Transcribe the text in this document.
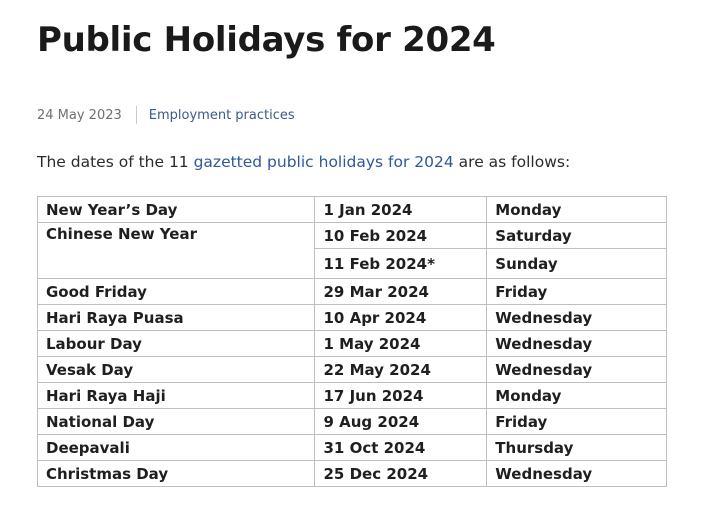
Public Holidays for 2024
24 May 2023 Employment practices

The dates of the 11 gazetted public holidays for 2024 are as follows:

New Year’s Day	1 Jan 2024	Monday
Chinese New Year	10 Feb 2024	Saturday
	11 Feb 2024*	Sunday
Good Friday	29 Mar 2024	Friday
Hari Raya Puasa	10 Apr 2024	Wednesday
Labour Day	1 May 2024	Wednesday
Vesak Day	22 May 2024	Wednesday
Hari Raya Haji	17 Jun 2024	Monday
National Day	9 Aug 2024	Friday
Deepavali	31 Oct 2024	Thursday
Christmas Day	25 Dec 2024	Wednesday
